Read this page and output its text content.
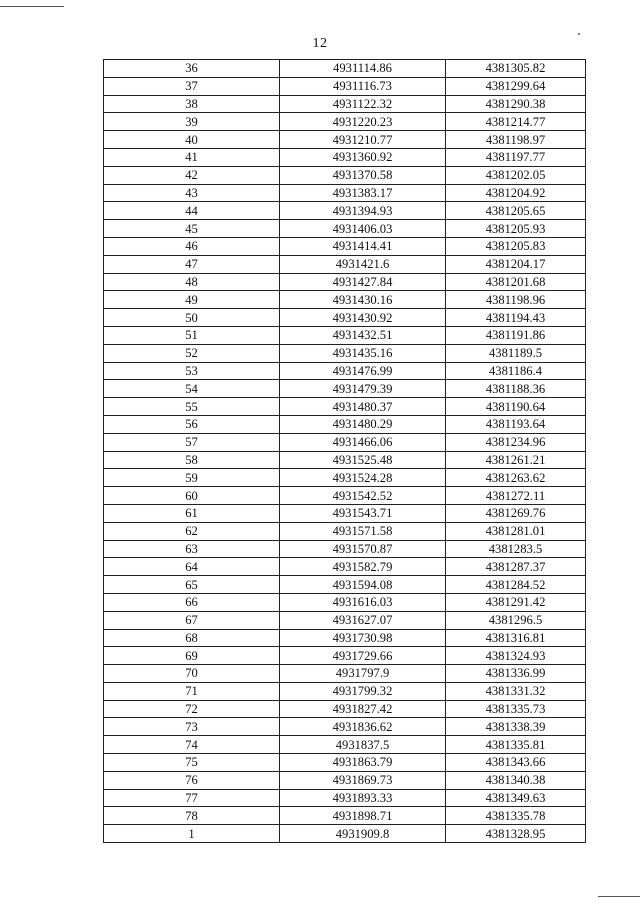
12
36	4931114.86	4381305.82
37	4931116.73	4381299.64
38	4931122.32	4381290.38
39	4931220.23	4381214.77
40	4931210.77	4381198.97
41	4931360.92	4381197.77
42	4931370.58	4381202.05
43	4931383.17	4381204.92
44	4931394.93	4381205.65
45	4931406.03	4381205.93
46	4931414.41	4381205.83
47	4931421.6	4381204.17
48	4931427.84	4381201.68
49	4931430.16	4381198.96
50	4931430.92	4381194.43
51	4931432.51	4381191.86
52	4931435.16	4381189.5
53	4931476.99	4381186.4
54	4931479.39	4381188.36
55	4931480.37	4381190.64
56	4931480.29	4381193.64
57	4931466.06	4381234.96
58	4931525.48	4381261.21
59	4931524.28	4381263.62
60	4931542.52	4381272.11
61	4931543.71	4381269.76
62	4931571.58	4381281.01
63	4931570.87	4381283.5
64	4931582.79	4381287.37
65	4931594.08	4381284.52
66	4931616.03	4381291.42
67	4931627.07	4381296.5
68	4931730.98	4381316.81
69	4931729.66	4381324.93
70	4931797.9	4381336.99
71	4931799.32	4381331.32
72	4931827.42	4381335.73
73	4931836.62	4381338.39
74	4931837.5	4381335.81
75	4931863.79	4381343.66
76	4931869.73	4381340.38
77	4931893.33	4381349.63
78	4931898.71	4381335.78
1	4931909.8	4381328.95
